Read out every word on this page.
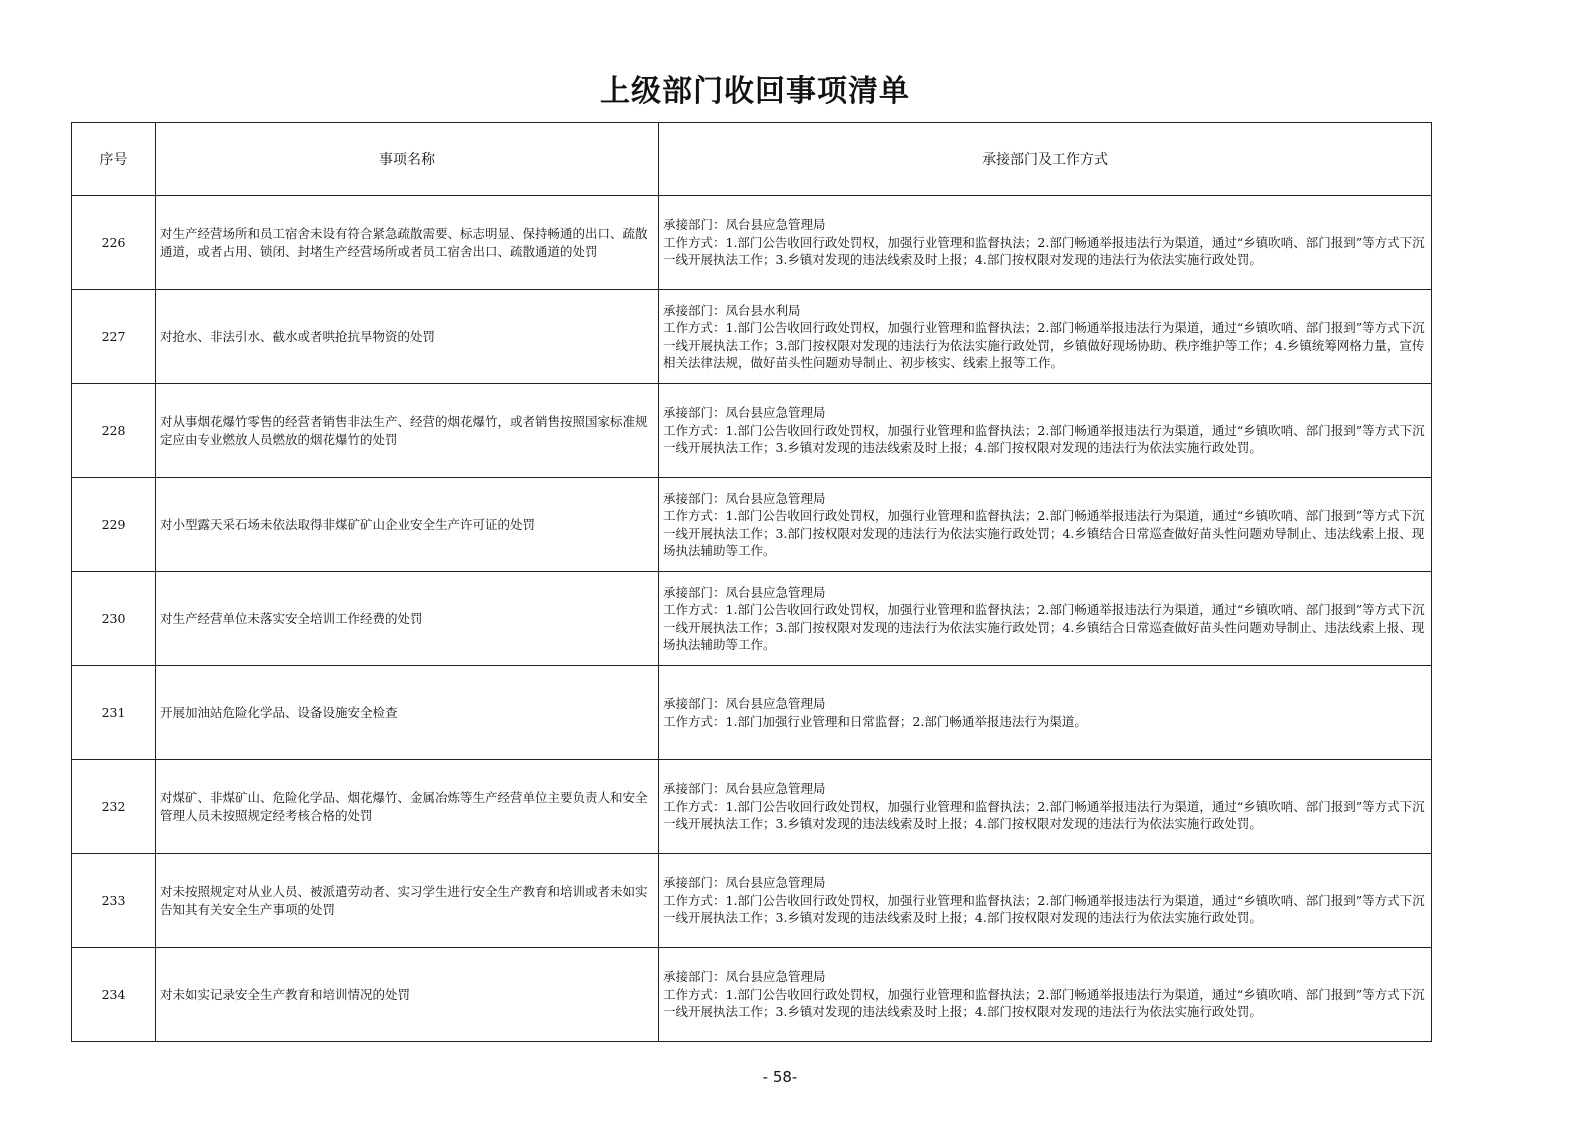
上级部门收回事项清单
序号	事项名称	承接部门及工作方式
226	对生产经营场所和员工宿舍未设有符合紧急疏散需要、标志明显、保持畅通的出口、疏散通道，或者占用、锁闭、封堵生产经营场所或者员工宿舍出口、疏散通道的处罚	承接部门：凤台县应急管理局
工作方式：1.部门公告收回行政处罚权，加强行业管理和监督执法；2.部门畅通举报违法行为渠道，通过“乡镇吹哨、部门报到”等方式下沉一线开展执法工作；3.乡镇对发现的违法线索及时上报；4.部门按权限对发现的违法行为依法实施行政处罚。

227	对抢水、非法引水、截水或者哄抢抗旱物资的处罚	承接部门：凤台县水利局
工作方式：1.部门公告收回行政处罚权，加强行业管理和监督执法；2.部门畅通举报违法行为渠道，通过“乡镇吹哨、部门报到”等方式下沉一线开展执法工作；3.部门按权限对发现的违法行为依法实施行政处罚，乡镇做好现场协助、秩序维护等工作；4.乡镇统筹网格力量，宣传相关法律法规，做好苗头性问题劝导制止、初步核实、线索上报等工作。

228	对从事烟花爆竹零售的经营者销售非法生产、经营的烟花爆竹，或者销售按照国家标准规定应由专业燃放人员燃放的烟花爆竹的处罚	承接部门：凤台县应急管理局
工作方式：1.部门公告收回行政处罚权，加强行业管理和监督执法；2.部门畅通举报违法行为渠道，通过“乡镇吹哨、部门报到”等方式下沉一线开展执法工作；3.乡镇对发现的违法线索及时上报；4.部门按权限对发现的违法行为依法实施行政处罚。

229	对小型露天采石场未依法取得非煤矿矿山企业安全生产许可证的处罚	承接部门：凤台县应急管理局
工作方式：1.部门公告收回行政处罚权，加强行业管理和监督执法；2.部门畅通举报违法行为渠道，通过“乡镇吹哨、部门报到”等方式下沉一线开展执法工作；3.部门按权限对发现的违法行为依法实施行政处罚；4.乡镇结合日常巡查做好苗头性问题劝导制止、违法线索上报、现场执法辅助等工作。

230	对生产经营单位未落实安全培训工作经费的处罚	承接部门：凤台县应急管理局
工作方式：1.部门公告收回行政处罚权，加强行业管理和监督执法；2.部门畅通举报违法行为渠道，通过“乡镇吹哨、部门报到”等方式下沉一线开展执法工作；3.部门按权限对发现的违法行为依法实施行政处罚；4.乡镇结合日常巡查做好苗头性问题劝导制止、违法线索上报、现场执法辅助等工作。

231	开展加油站危险化学品、设备设施安全检查	承接部门：凤台县应急管理局
工作方式：1.部门加强行业管理和日常监督；2.部门畅通举报违法行为渠道。

232	对煤矿、非煤矿山、危险化学品、烟花爆竹、金属冶炼等生产经营单位主要负责人和安全管理人员未按照规定经考核合格的处罚	承接部门：凤台县应急管理局
工作方式：1.部门公告收回行政处罚权，加强行业管理和监督执法；2.部门畅通举报违法行为渠道，通过“乡镇吹哨、部门报到”等方式下沉一线开展执法工作；3.乡镇对发现的违法线索及时上报；4.部门按权限对发现的违法行为依法实施行政处罚。

233	对未按照规定对从业人员、被派遣劳动者、实习学生进行安全生产教育和培训或者未如实告知其有关安全生产事项的处罚	承接部门：凤台县应急管理局
工作方式：1.部门公告收回行政处罚权，加强行业管理和监督执法；2.部门畅通举报违法行为渠道，通过“乡镇吹哨、部门报到”等方式下沉一线开展执法工作；3.乡镇对发现的违法线索及时上报；4.部门按权限对发现的违法行为依法实施行政处罚。

234	对未如实记录安全生产教育和培训情况的处罚	承接部门：凤台县应急管理局
工作方式：1.部门公告收回行政处罚权，加强行业管理和监督执法；2.部门畅通举报违法行为渠道，通过“乡镇吹哨、部门报到”等方式下沉一线开展执法工作；3.乡镇对发现的违法线索及时上报；4.部门按权限对发现的违法行为依法实施行政处罚。
- 58-
